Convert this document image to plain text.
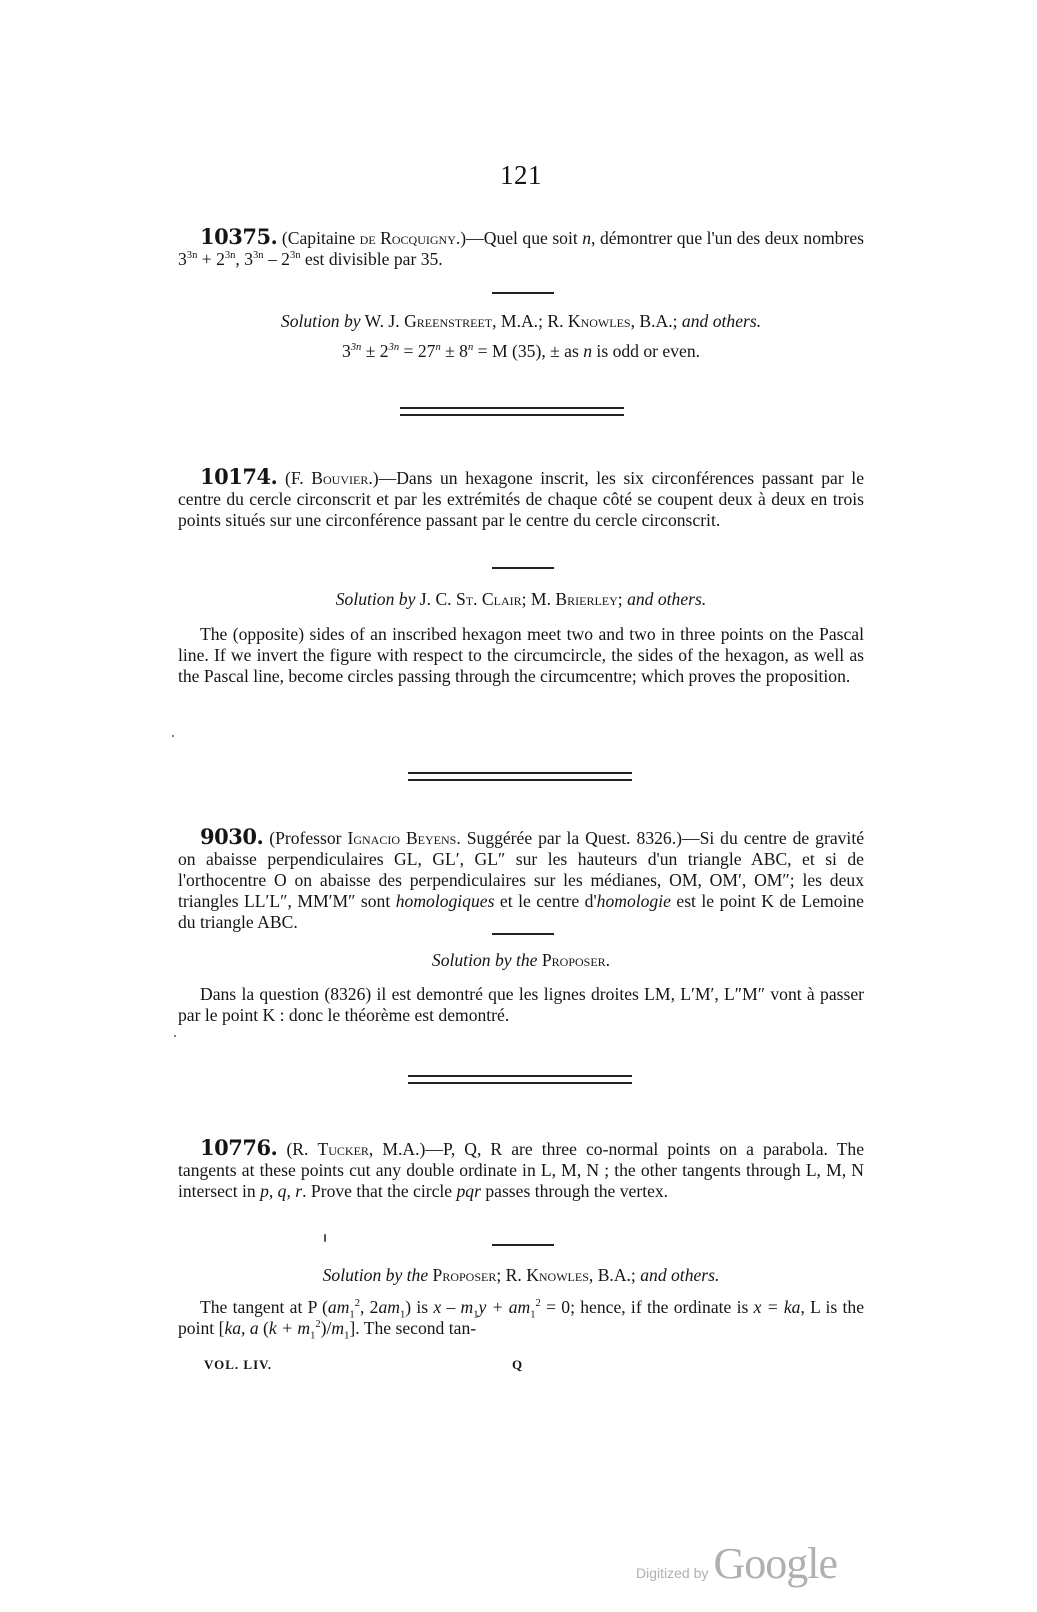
121

10375. (Capitaine de Rocquigny.)—Quel que soit n, démontrer que l'un des deux nombres $3^{3n} + 2^{3n}$, $3^{3n} - 2^{3n}$ est divisible par 35.

Solution by W. J. Greenstreet, M.A.; R. Knowles, B.A.; and others.
$3^{3n} \pm 2^{3n} = 27^n \pm 8^n = M$ (35), ± as n is odd or even.

10174. (F. Bouvier.)—Dans un hexagone inscrit, les six circonférences passant par le centre du cercle circonscrit et par les extrémités de chaque côté se coupent deux à deux en trois points situés sur une circonférence passant par le centre du cercle circonscrit.

Solution by J. C. St. Clair; M. Brierley; and others.

The (opposite) sides of an inscribed hexagon meet two and two in three points on the Pascal line. If we invert the figure with respect to the circumcircle, the sides of the hexagon, as well as the Pascal line, become circles passing through the circumcentre; which proves the proposition.

9030. (Professor Ignacio Beyens. Suggérée par la Quest. 8326.)—Si du centre de gravité on abaisse perpendiculaires GL, GL′, GL″ sur les hauteurs d'un triangle ABC, et si de l'orthocentre O on abaisse des perpendiculaires sur les médianes, OM, OM′, OM″; les deux triangles LL′L″, MM′M″ sont homologiques et le centre d'homologie est le point K de Lemoine du triangle ABC.

Solution by the Proposer.

Dans la question (8326) il est demontré que les lignes droites LM, L′M′, L″M″ vont à passer par le point K : donc le théorème est demontré.

10776. (R. Tucker, M.A.)—P, Q, R are three co-normal points on a parabola. The tangents at these points cut any double ordinate in L, M, N ; the other tangents through L, M, N intersect in p, q, r. Prove that the circle pqr passes through the vertex.

Solution by the Proposer; R. Knowles, B.A.; and others.

The tangent at P ($am_1^2$, $2am_1$) is $x - m_1y + am_1^2 = 0$; hence, if the ordinate is x = ka, L is the point [ka, a $(k + m_1^2)/m_1$]. The second tan-

VOL. LIV.	Q
Digitized by Google
